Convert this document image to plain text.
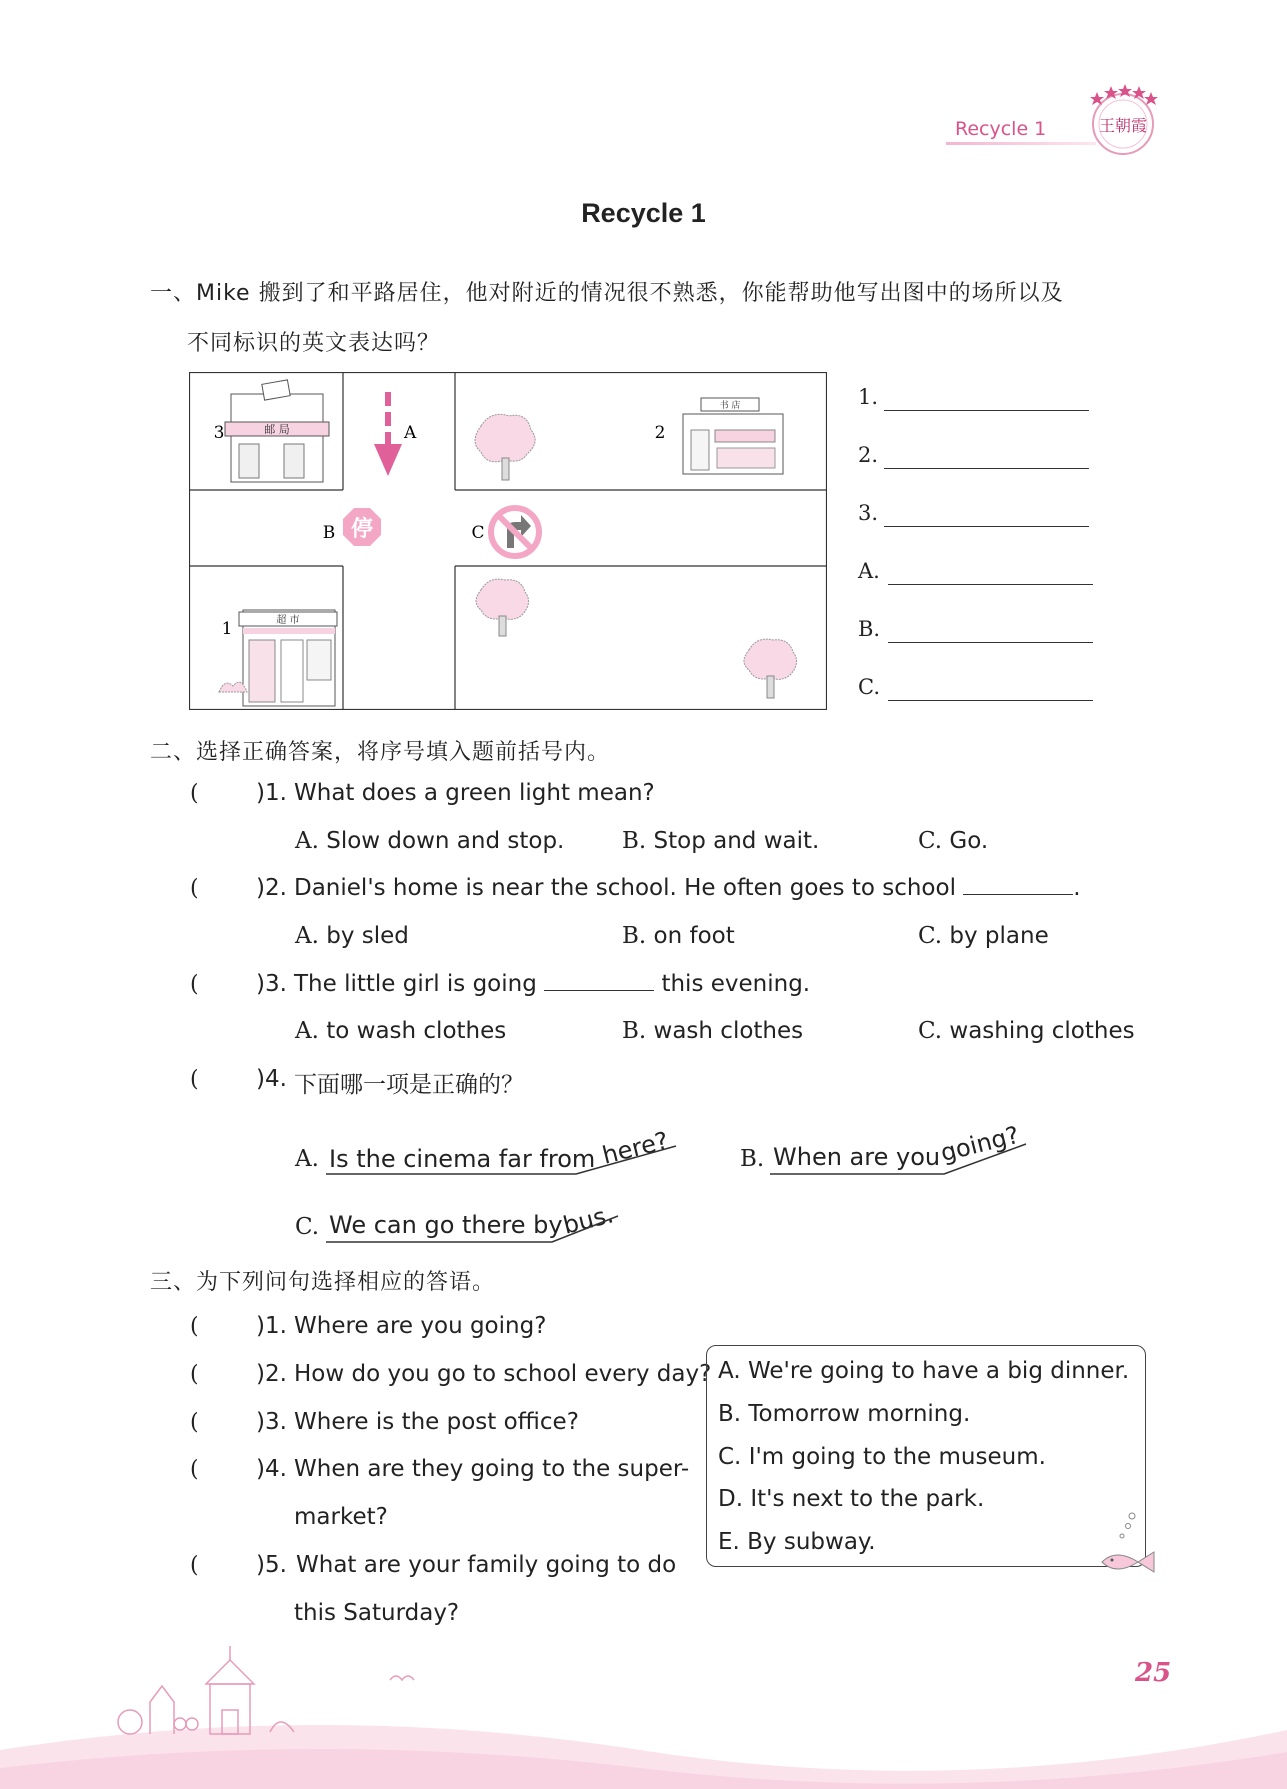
Recycle 1	王朝霞
Recycle 1
一、Mike 搬到了和平路居住，他对附近的情况很不熟悉，你能帮助他写出图中的场所以及
不同标识的英文表达吗？
邮 局
3	A
书 店
2
B 停	C
超 市
1
1.
2.
3.
A.
B.
C.
二、选择正确答案，将序号填入题前括号内。
( )1. What does a green light mean?
A. Slow down and stop.	B. Stop and wait.	C. Go.
( )2. Daniel's home is near the school. He often goes to school	.
A. by sled	B. on foot	C. by plane
( )3. The little girl is going	this evening.
A. to wash clothes	B. wash clothes	C. washing clothes
( )4. 下面哪一项是正确的？
A. Is the cinema far from here?	B. When are you
going?
C. We can go there by
bus.
三、为下列问句选择相应的答语。
( )1. Where are you going?
( )2. How do you go to school every day?
( )3. Where is the post office?
( )4. When are they going to the super-
market?
( )5. What are your family going to do
this Saturday?
A. We're going to have a big dinner.
B. Tomorrow morning.
C. I'm going to the museum.
D. It's next to the park.
E. By subway.
25
